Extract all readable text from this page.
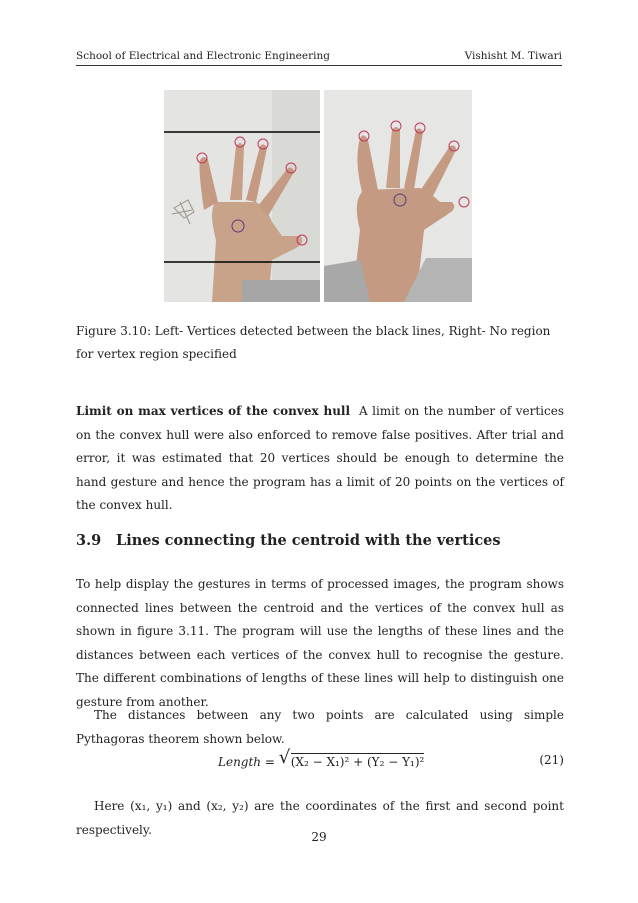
School of Electrical and Electronic Engineering	Vishisht M. Tiwari
Figure 3.10: Left- Vertices detected between the black lines, Right- No region for vertex region specified
Limit on max vertices of the convex hull A limit on the number of vertices on the convex hull were also enforced to remove false positives. After trial and error, it was estimated that 20 vertices should be enough to determine the hand gesture and hence the program has a limit of 20 points on the vertices of the convex hull.
3.9 Lines connecting the centroid with the vertices
To help display the gestures in terms of processed images, the program shows connected lines between the centroid and the vertices of the convex hull as shown in figure 3.11. The program will use the lengths of these lines and the distances between each vertices of the convex hull to recognise the gesture. The different combinations of lengths of these lines will help to distinguish one gesture from another.
The distances between any two points are calculated using simple Pythagoras theorem shown below.
Length = √ (X₂ − X₁)² + (Y₂ − Y₁)²	(21)
Here (x₁, y₁) and (x₂, y₂) are the coordinates of the first and second point respectively.
29
